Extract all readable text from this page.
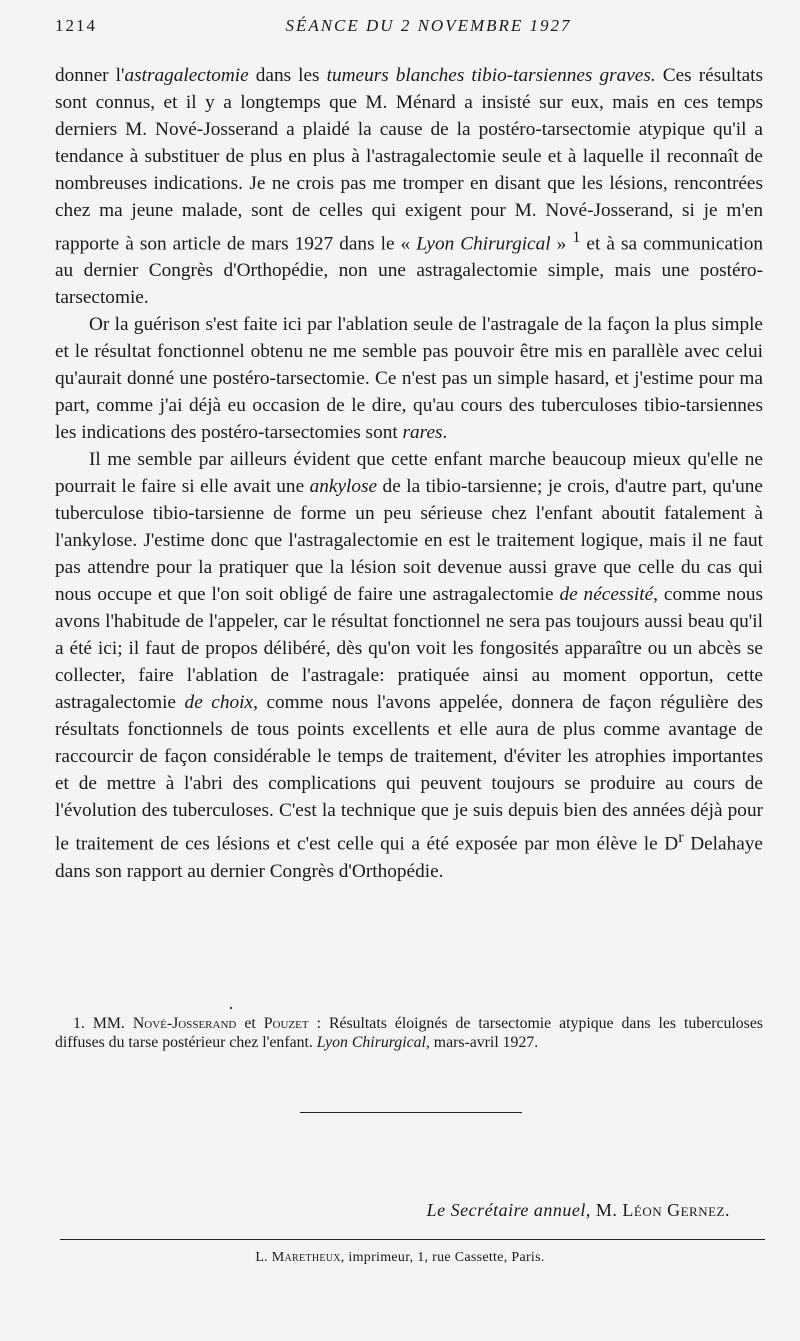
1214	SÉANCE DU 2 NOVEMBRE 1927

donner l'astragalectomie dans les tumeurs blanches tibio-tarsiennes graves. Ces résultats sont connus, et il y a longtemps que M. Ménard a insisté sur eux, mais en ces temps derniers M. Nové-Josserand a plaidé la cause de la postéro-tarsectomie atypique qu'il a tendance à substituer de plus en plus à l'astragalectomie seule et à laquelle il reconnaît de nombreuses indications. Je ne crois pas me tromper en disant que les lésions, rencontrées chez ma jeune malade, sont de celles qui exigent pour M. Nové-Josserand, si je m'en rapporte à son article de mars 1927 dans le « Lyon Chirurgical » $^1$ et à sa communication au dernier Congrès d'Orthopédie, non une astragalectomie simple, mais une postéro-tarsectomie.

Or la guérison s'est faite ici par l'ablation seule de l'astragale de la façon la plus simple et le résultat fonctionnel obtenu ne me semble pas pouvoir être mis en parallèle avec celui qu'aurait donné une postéro-tarsectomie. Ce n'est pas un simple hasard, et j'estime pour ma part, comme j'ai déjà eu occasion de le dire, qu'au cours des tuberculoses tibio-tarsiennes les indications des postéro-tarsectomies sont rares.

Il me semble par ailleurs évident que cette enfant marche beaucoup mieux qu'elle ne pourrait le faire si elle avait une ankylose de la tibio-tarsienne; je crois, d'autre part, qu'une tuberculose tibio-tarsienne de forme un peu sérieuse chez l'enfant aboutit fatalement à l'ankylose. J'estime donc que l'astragalectomie en est le traitement logique, mais il ne faut pas attendre pour la pratiquer que la lésion soit devenue aussi grave que celle du cas qui nous occupe et que l'on soit obligé de faire une astragalectomie de nécessité, comme nous avons l'habitude de l'appeler, car le résultat fonctionnel ne sera pas toujours aussi beau qu'il a été ici; il faut de propos délibéré, dès qu'on voit les fongosités apparaître ou un abcès se collecter, faire l'ablation de l'astragale: pratiquée ainsi au moment opportun, cette astragalectomie de choix, comme nous l'avons appelée, donnera de façon régulière des résultats fonctionnels de tous points excellents et elle aura de plus comme avantage de raccourcir de façon considérable le temps de traitement, d'éviter les atrophies importantes et de mettre à l'abri des complications qui peuvent toujours se produire au cours de l'évolution des tuberculoses. C'est la technique que je suis depuis bien des années déjà pour le traitement de ces lésions et c'est celle qui a été exposée par mon élève le $D^r$ Delahaye dans son rapport au dernier Congrès d'Orthopédie.

·
1. MM. Nové-Josserand et Pouzet : Résultats éloignés de tarsectomie atypique dans les tuberculoses diffuses du tarse postérieur chez l'enfant. Lyon Chirurgical, mars-avril 1927.
Le Secrétaire annuel, M. Léon Gernez.
L. Maretheux, imprimeur, 1, rue Cassette, Paris.
